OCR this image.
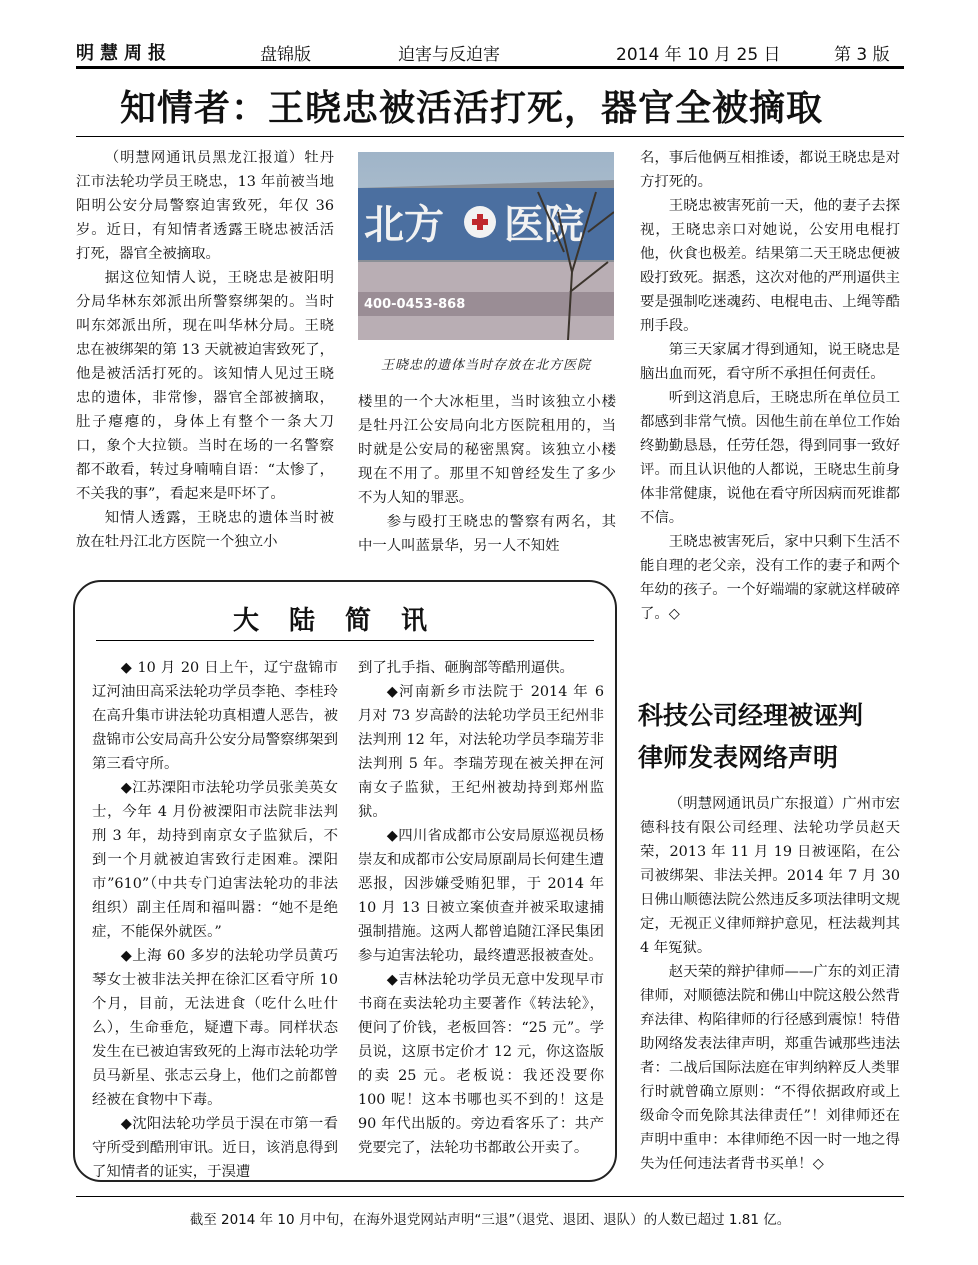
明慧周报	盘锦版	迫害与反迫害	2014 年 10 月 25 日	第 3 版
知情者：王晓忠被活活打死，器官全被摘取

（明慧网通讯员黑龙江报道）牡丹江市法轮功学员王晓忠，13 年前被当地阳明公安分局警察迫害致死，年仅 36 岁。近日，有知情者透露王晓忠被活活打死，器官全被摘取。

据这位知情人说，王晓忠是被阳明分局华林东郊派出所警察绑架的。当时叫东郊派出所，现在叫华林分局。王晓忠在被绑架的第 13 天就被迫害致死了，他是被活活打死的。该知情人见过王晓忠的遗体，非常惨，器官全部被摘取，肚子瘪瘪的，身体上有整个一条大刀口，象个大拉锁。当时在场的一名警察都不敢看，转过身喃喃自语：“太惨了，不关我的事”，看起来是吓坏了。

知情人透露，王晓忠的遗体当时被放在牡丹江北方医院一个独立小

北方 医院
400-0453-868
王晓忠的遗体当时存放在北方医院

楼里的一个大冰柜里，当时该独立小楼是牡丹江公安局向北方医院租用的，当时就是公安局的秘密黑窝。该独立小楼现在不用了。那里不知曾经发生了多少不为人知的罪恶。

参与殴打王晓忠的警察有两名，其中一人叫蓝景华，另一人不知姓

名，事后他俩互相推诿，都说王晓忠是对方打死的。

王晓忠被害死前一天，他的妻子去探视，王晓忠亲口对她说，公安用电棍打他，伙食也极差。结果第二天王晓忠便被殴打致死。据悉，这次对他的严刑逼供主要是强制吃迷魂药、电棍电击、上绳等酷刑手段。

第三天家属才得到通知，说王晓忠是脑出血而死，看守所不承担任何责任。

听到这消息后，王晓忠所在单位员工都感到非常气愤。因他生前在单位工作始终勤勤恳恳，任劳任怨，得到同事一致好评。而且认识他的人都说，王晓忠生前身体非常健康，说他在看守所因病而死谁都不信。

王晓忠被害死后，家中只剩下生活不能自理的老父亲，没有工作的妻子和两个年幼的孩子。一个好端端的家就这样破碎了。◇

大陆简讯

◆ 10 月 20 日上午，辽宁盘锦市辽河油田高采法轮功学员李艳、李桂玲在高升集市讲法轮功真相遭人恶告，被盘锦市公安局高升公安分局警察绑架到第三看守所。

◆江苏溧阳市法轮功学员张美英女士，今年 4 月份被溧阳市法院非法判刑 3 年，劫持到南京女子监狱后，不到一个月就被迫害致行走困难。溧阳市”610”（中共专门迫害法轮功的非法组织）副主任周和福叫嚣：“她不是绝症，不能保外就医。”

◆上海 60 多岁的法轮功学员黄巧琴女士被非法关押在徐汇区看守所 10 个月，目前，无法进食（吃什么吐什么），生命垂危，疑遭下毒。同样状态发生在已被迫害致死的上海市法轮功学员马新星、张志云身上，他们之前都曾经被在食物中下毒。

◆沈阳法轮功学员于淏在市第一看守所受到酷刑审讯。近日，该消息得到了知情者的证实，于淏遭

到了扎手指、砸胸部等酷刑逼供。

◆河南新乡市法院于 2014 年 6 月对 73 岁高龄的法轮功学员王纪州非法判刑 12 年，对法轮功学员李瑞芳非法判刑 5 年。李瑞芳现在被关押在河南女子监狱，王纪州被劫持到郑州监狱。

◆四川省成都市公安局原巡视员杨崇友和成都市公安局原副局长何建生遭恶报，因涉嫌受贿犯罪，于 2014 年 10 月 13 日被立案侦查并被采取逮捕强制措施。这两人都曾追随江泽民集团参与迫害法轮功，最终遭恶报被查处。

◆吉林法轮功学员无意中发现早市书商在卖法轮功主要著作《转法轮》，便问了价钱，老板回答：“25 元”。学员说，这原书定价才 12 元，你这盗版的卖 25 元。老板说：我还没要你 100 呢！这本书哪也买不到的！这是 90 年代出版的。旁边看客乐了：共产党要完了，法轮功书都敢公开卖了。

科技公司经理被诬判
律师发表网络声明

（明慧网通讯员广东报道）广州市宏德科技有限公司经理、法轮功学员赵天荣，2013 年 11 月 19 日被诬陷，在公司被绑架、非法关押。2014 年 7 月 30 日佛山顺德法院公然违反多项法律明文规定，无视正义律师辩护意见，枉法裁判其 4 年冤狱。

赵天荣的辩护律师——广东的刘正清律师，对顺德法院和佛山中院这般公然背弃法律、构陷律师的行径感到震惊！特借助网络发表法律声明，郑重告诫那些违法者：二战后国际法庭在审判纳粹反人类罪行时就曾确立原则：“不得依据政府或上级命令而免除其法律责任”！刘律师还在声明中重申：本律师绝不因一时一地之得失为任何违法者背书买单！◇

截至 2014 年 10 月中旬，在海外退党网站声明“三退”（退党、退团、退队）的人数已超过 1.81 亿。
